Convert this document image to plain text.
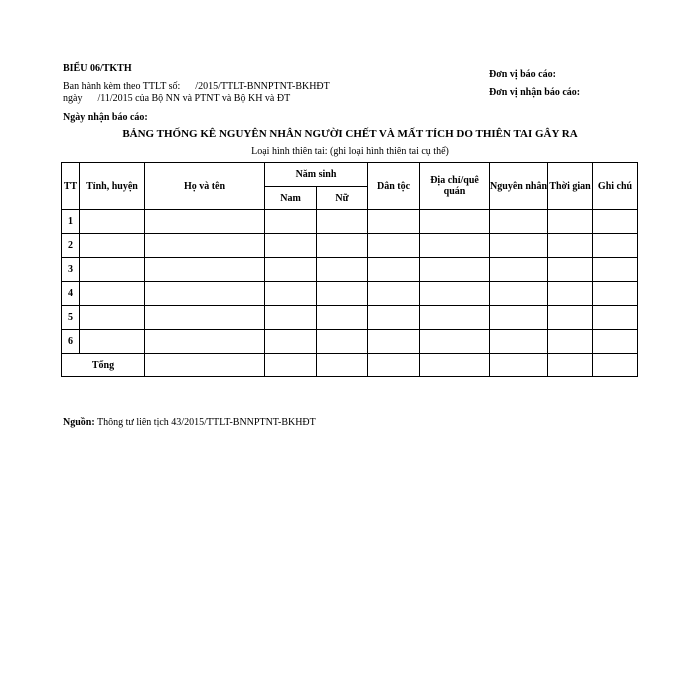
BIỂU 06/TKTH
Ban hành kèm theo TTLT số:      /2015/TTLT-BNNPTNT-BKHĐT
ngày      /11/2015 của Bộ NN và PTNT và Bộ KH và ĐT
Ngày nhận báo cáo:
Đơn vị báo cáo:
Đơn vị nhận báo cáo:
BẢNG THỐNG KÊ NGUYÊN NHÂN NGƯỜI CHẾT VÀ MẤT TÍCH DO THIÊN TAI GÂY RA
Loại hình thiên tai: (ghi loại hình thiên tai cụ thể)
TT	Tỉnh, huyện	Họ và tên	Năm sinh		Dân tộc	Địa chỉ/quê quán	Nguyên nhân	Thời gian	Ghi chú
			Nam	Nữ					
1									
2									
3									
4									
5									
6									
Tổng									
Nguồn: Thông tư liên tịch 43/2015/TTLT-BNNPTNT-BKHĐT
